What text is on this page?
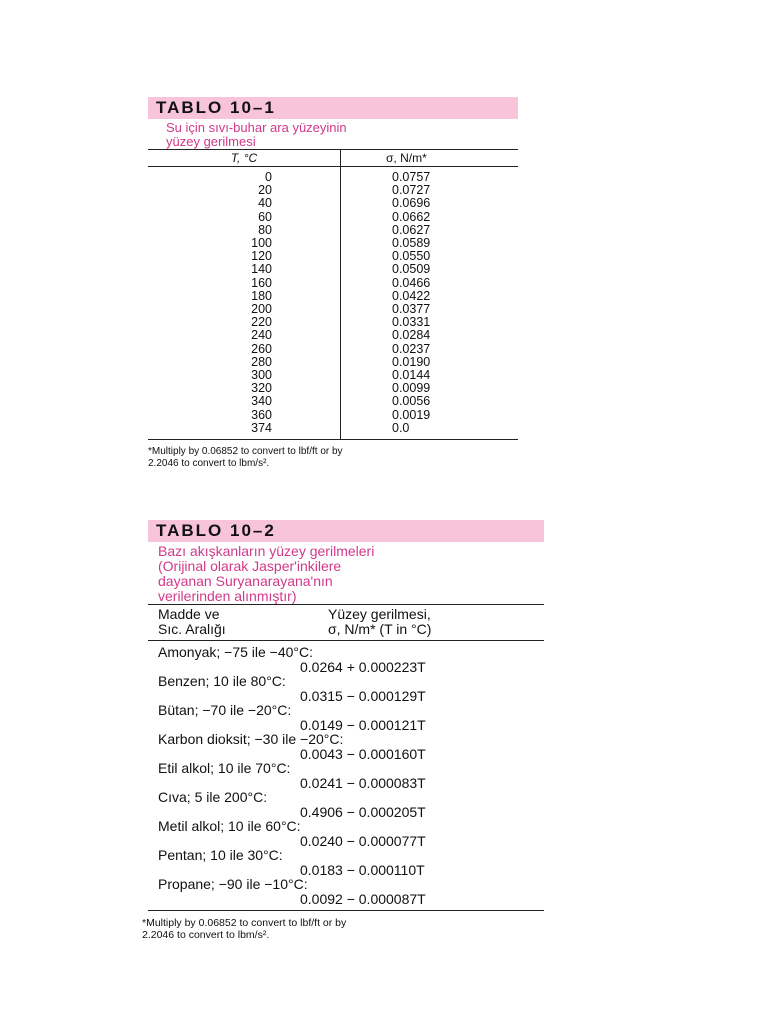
TABLO 10–1
Su için sıvı-buhar ara yüzeyinin
yüzey gerilmesi
T, °C	σ, N/m*
0
20
40
60
80
100
120
140
160
180
200
220
240
260
280
300
320
340
360
374
0.0757
0.0727
0.0696
0.0662
0.0627
0.0589
0.0550
0.0509
0.0466
0.0422
0.0377
0.0331
0.0284
0.0237
0.0190
0.0144
0.0099
0.0056
0.0019
0.0
*Multiply by 0.06852 to convert to lbf/ft or by
2.2046 to convert to lbm/s².
TABLO 10–2
Bazı akışkanların yüzey gerilmeleri
(Orijinal olarak Jasper'inkilere
dayanan Suryanarayana'nın
verilerinden alınmıştır)
Madde ve
Sıc. Aralığı
Yüzey gerilmesi,
σ, N/m* (T in °C)
Amonyak; −75 ile −40°C:
0.0264 + 0.000223T
Benzen; 10 ile 80°C:
0.0315 − 0.000129T
Bütan; −70 ile −20°C:
0.0149 − 0.000121T
Karbon dioksit; −30 ile −20°C:
0.0043 − 0.000160T
Etil alkol; 10 ile 70°C:
0.0241 − 0.000083T
Cıva; 5 ile 200°C:
0.4906 − 0.000205T
Metil alkol; 10 ile 60°C:
0.0240 − 0.000077T
Pentan; 10 ile 30°C:
0.0183 − 0.000110T
Propane; −90 ile −10°C:
0.0092 − 0.000087T
*Multiply by 0.06852 to convert to lbf/ft or by
2.2046 to convert to lbm/s².
